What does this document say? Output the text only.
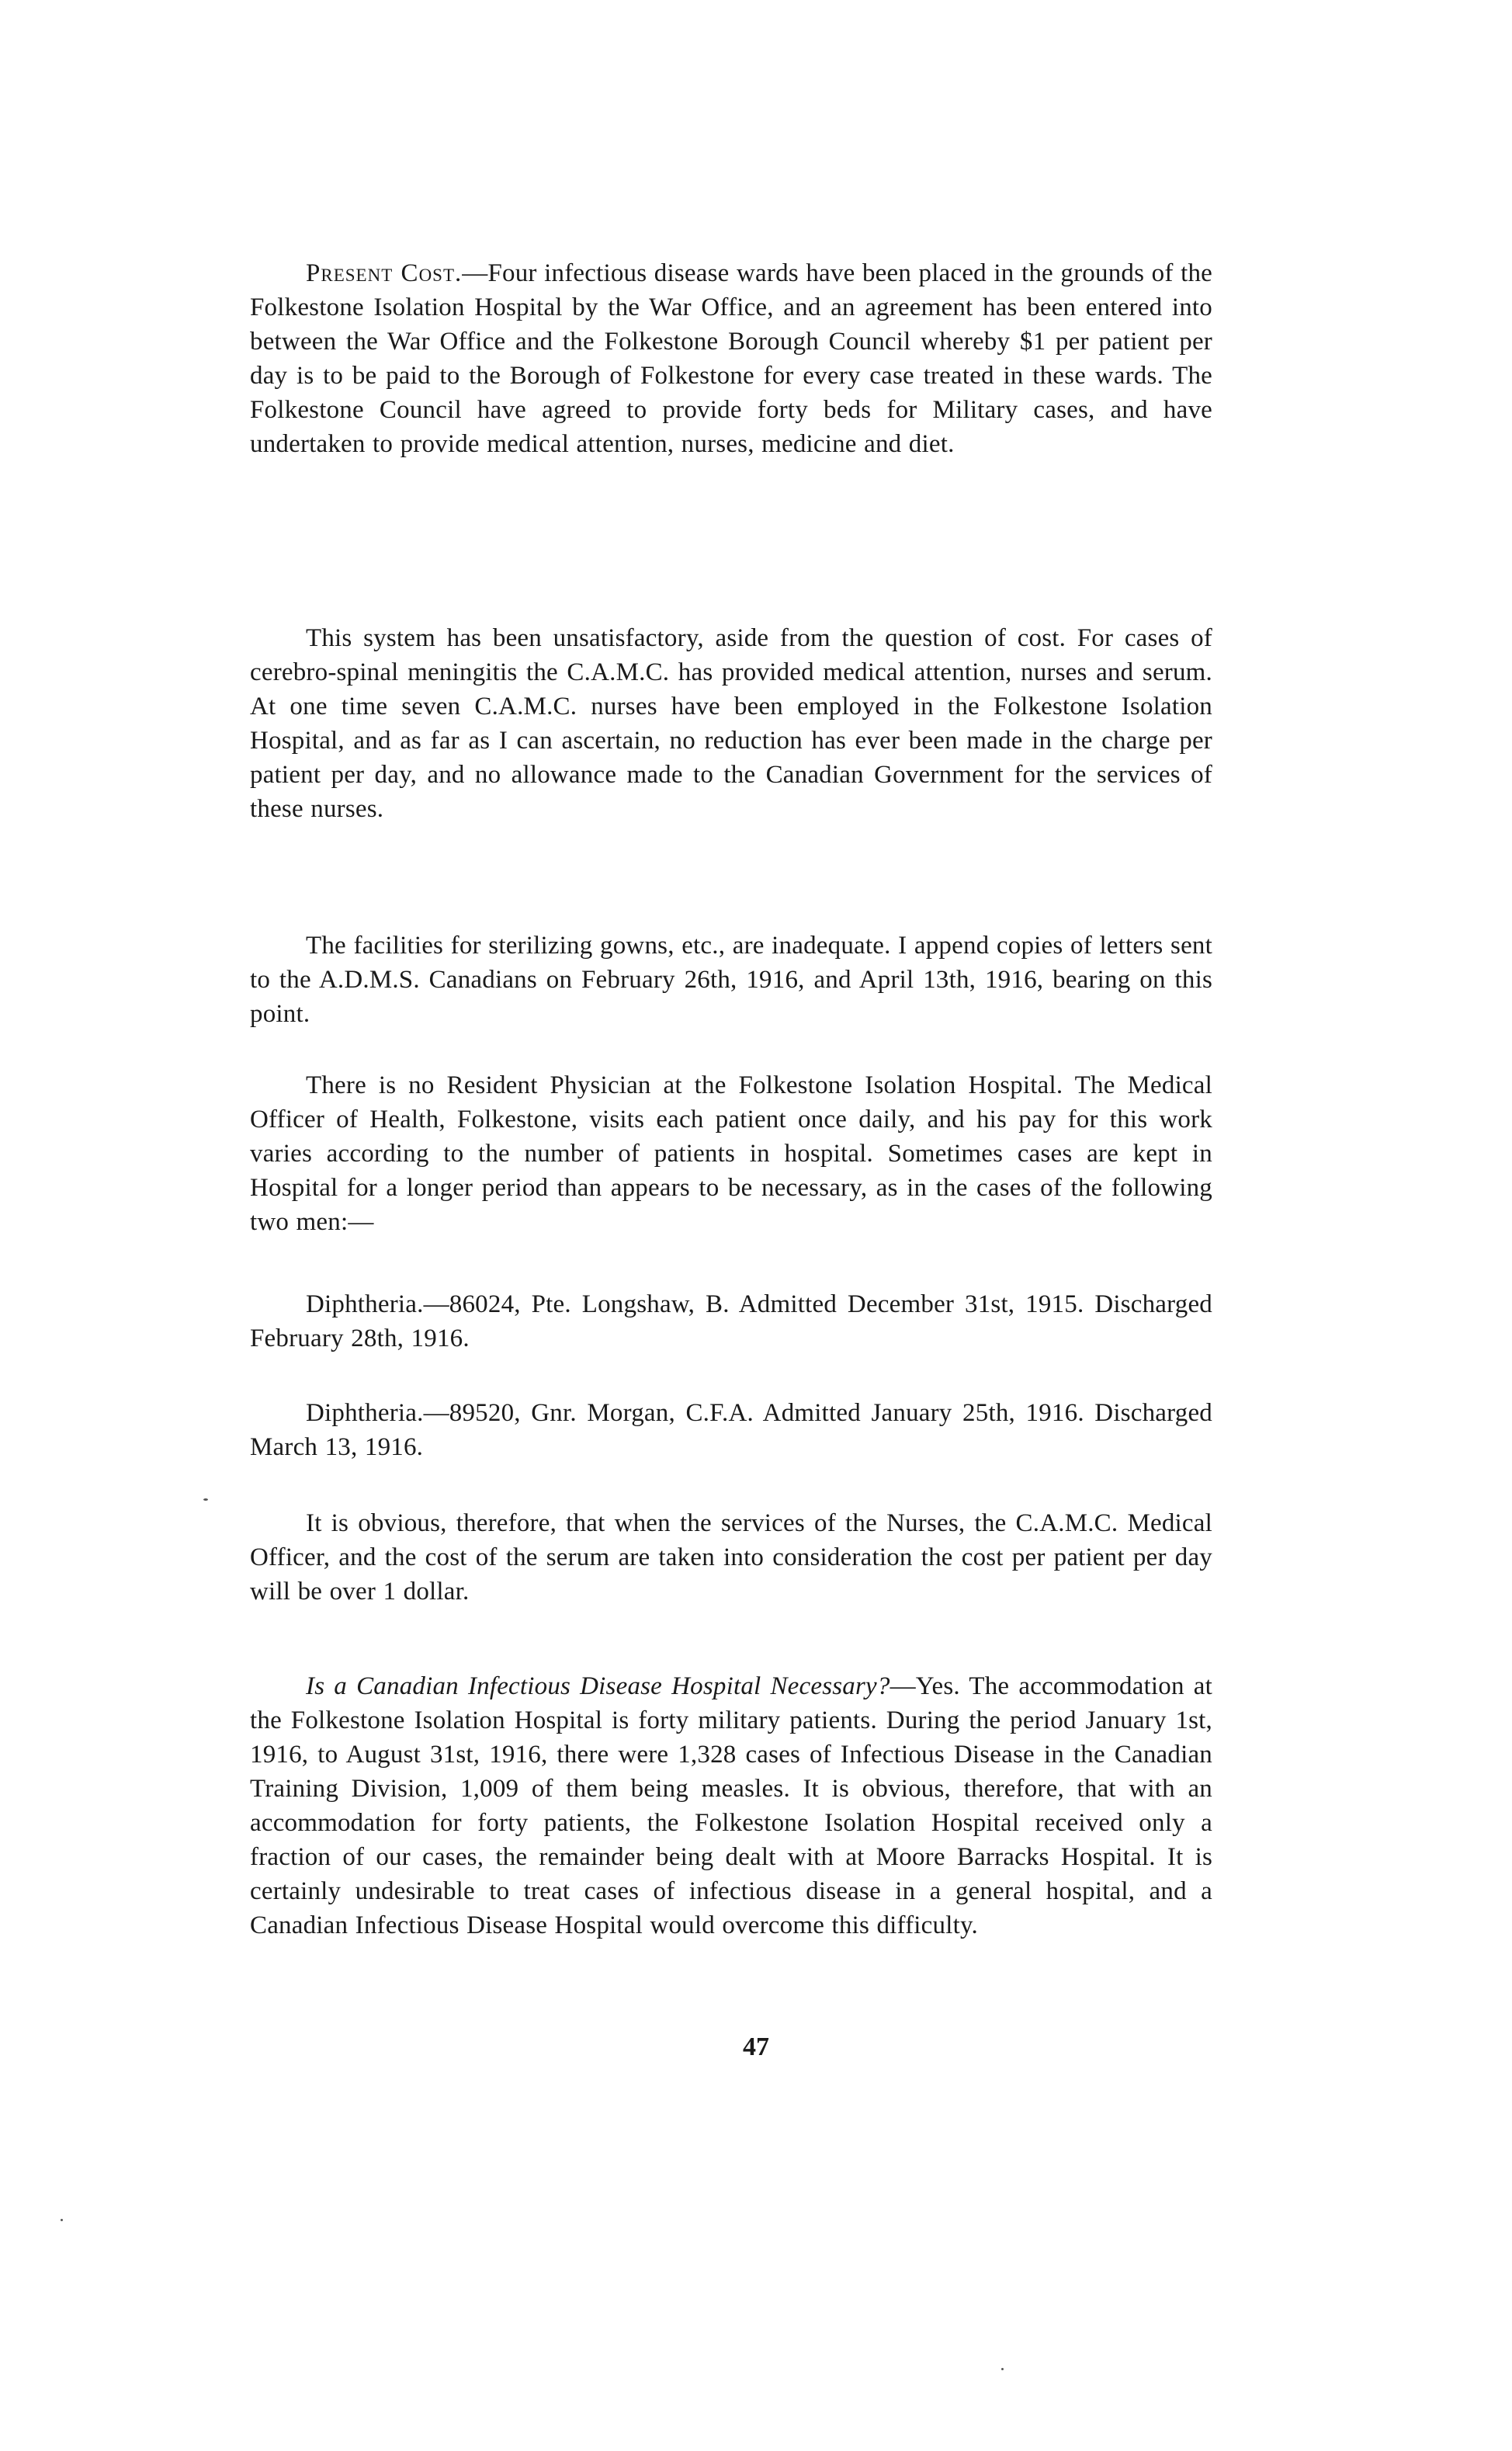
Present Cost.—Four infectious disease wards have been placed in the grounds of the Folkestone Isolation Hospital by the War Office, and an agreement has been entered into between the War Office and the Folkestone Borough Council whereby $1 per patient per day is to be paid to the Borough of Folkestone for every case treated in these wards. The Folkestone Council have agreed to provide forty beds for Military cases, and have undertaken to provide medical attention, nurses, medicine and diet.

This system has been unsatisfactory, aside from the question of cost. For cases of cerebro-spinal meningitis the C.A.M.C. has provided medical attention, nurses and serum. At one time seven C.A.M.C. nurses have been employed in the Folkestone Isolation Hospital, and as far as I can ascertain, no reduction has ever been made in the charge per patient per day, and no allowance made to the Canadian Government for the services of these nurses.

The facilities for sterilizing gowns, etc., are inadequate. I append copies of letters sent to the A.D.M.S. Canadians on February 26th, 1916, and April 13th, 1916, bearing on this point.

There is no Resident Physician at the Folkestone Isolation Hospital. The Medical Officer of Health, Folkestone, visits each patient once daily, and his pay for this work varies according to the number of patients in hospital. Sometimes cases are kept in Hospital for a longer period than appears to be necessary, as in the cases of the following two men:—

Diphtheria.—86024, Pte. Longshaw, B. Admitted December 31st, 1915. Discharged February 28th, 1916.

Diphtheria.—89520, Gnr. Morgan, C.F.A. Admitted January 25th, 1916. Discharged March 13, 1916.

It is obvious, therefore, that when the services of the Nurses, the C.A.M.C. Medical Officer, and the cost of the serum are taken into consideration the cost per patient per day will be over 1 dollar.

Is a Canadian Infectious Disease Hospital Necessary?—Yes. The accommodation at the Folkestone Isolation Hospital is forty military patients. During the period January 1st, 1916, to August 31st, 1916, there were 1,328 cases of Infectious Disease in the Canadian Training Division, 1,009 of them being measles. It is obvious, therefore, that with an accommodation for forty patients, the Folkestone Isolation Hospital received only a fraction of our cases, the remainder being dealt with at Moore Barracks Hospital. It is certainly undesirable to treat cases of infectious disease in a general hospital, and a Canadian Infectious Disease Hospital would overcome this difficulty.

47
